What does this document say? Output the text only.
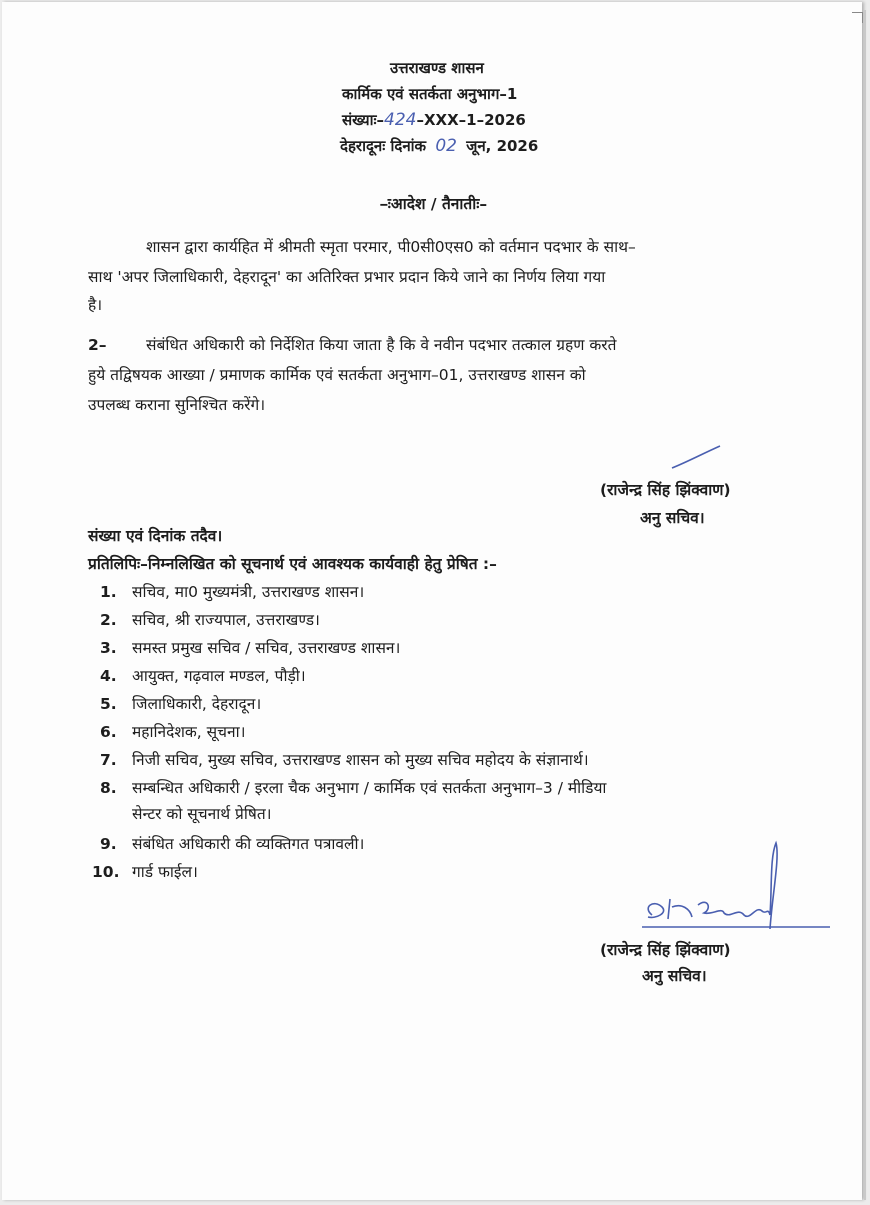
उत्तराखण्ड शासन
कार्मिक एवं सतर्कता अनुभाग–1
संख्याः–424–XXX–1–2026
देहरादूनः दिनांक 02 जून, 2026
–ःआदेश / तैनातीः–
शासन द्वारा कार्यहित में श्रीमती स्मृता परमार, पी0सी0एस0 को वर्तमान पदभार के साथ–
साथ 'अपर जिलाधिकारी, देहरादून' का अतिरिक्त प्रभार प्रदान किये जाने का निर्णय लिया गया
है।
2–	संबंधित अधिकारी को निर्देशित किया जाता है कि वे नवीन पदभार तत्काल ग्रहण करते
हुये तद्विषयक आख्या / प्रमाणक कार्मिक एवं सतर्कता अनुभाग–01, उत्तराखण्ड शासन को
उपलब्ध कराना सुनिश्चित करेंगे।
(राजेन्द्र सिंह झिंक्वाण)
अनु सचिव।
संख्या एवं दिनांक तदैव।
प्रतिलिपिः–निम्नलिखित को सूचनार्थ एवं आवश्यक कार्यवाही हेतु प्रेषित :–
1. सचिव, मा0 मुख्यमंत्री, उत्तराखण्ड शासन।
2. सचिव, श्री राज्यपाल, उत्तराखण्ड।
3. समस्त प्रमुख सचिव / सचिव, उत्तराखण्ड शासन।
4. आयुक्त, गढ़वाल मण्डल, पौड़ी।
5. जिलाधिकारी, देहरादून।
6. महानिदेशक, सूचना।
7. निजी सचिव, मुख्य सचिव, उत्तराखण्ड शासन को मुख्य सचिव महोदय के संज्ञानार्थ।
8. सम्बन्धित अधिकारी / इरला चैक अनुभाग / कार्मिक एवं सतर्कता अनुभाग–3 / मीडिया
सेन्टर को सूचनार्थ प्रेषित।
9. संबंधित अधिकारी की व्यक्तिगत पत्रावली।
10. गार्ड फाईल।
(राजेन्द्र सिंह झिंक्वाण)
अनु सचिव।
